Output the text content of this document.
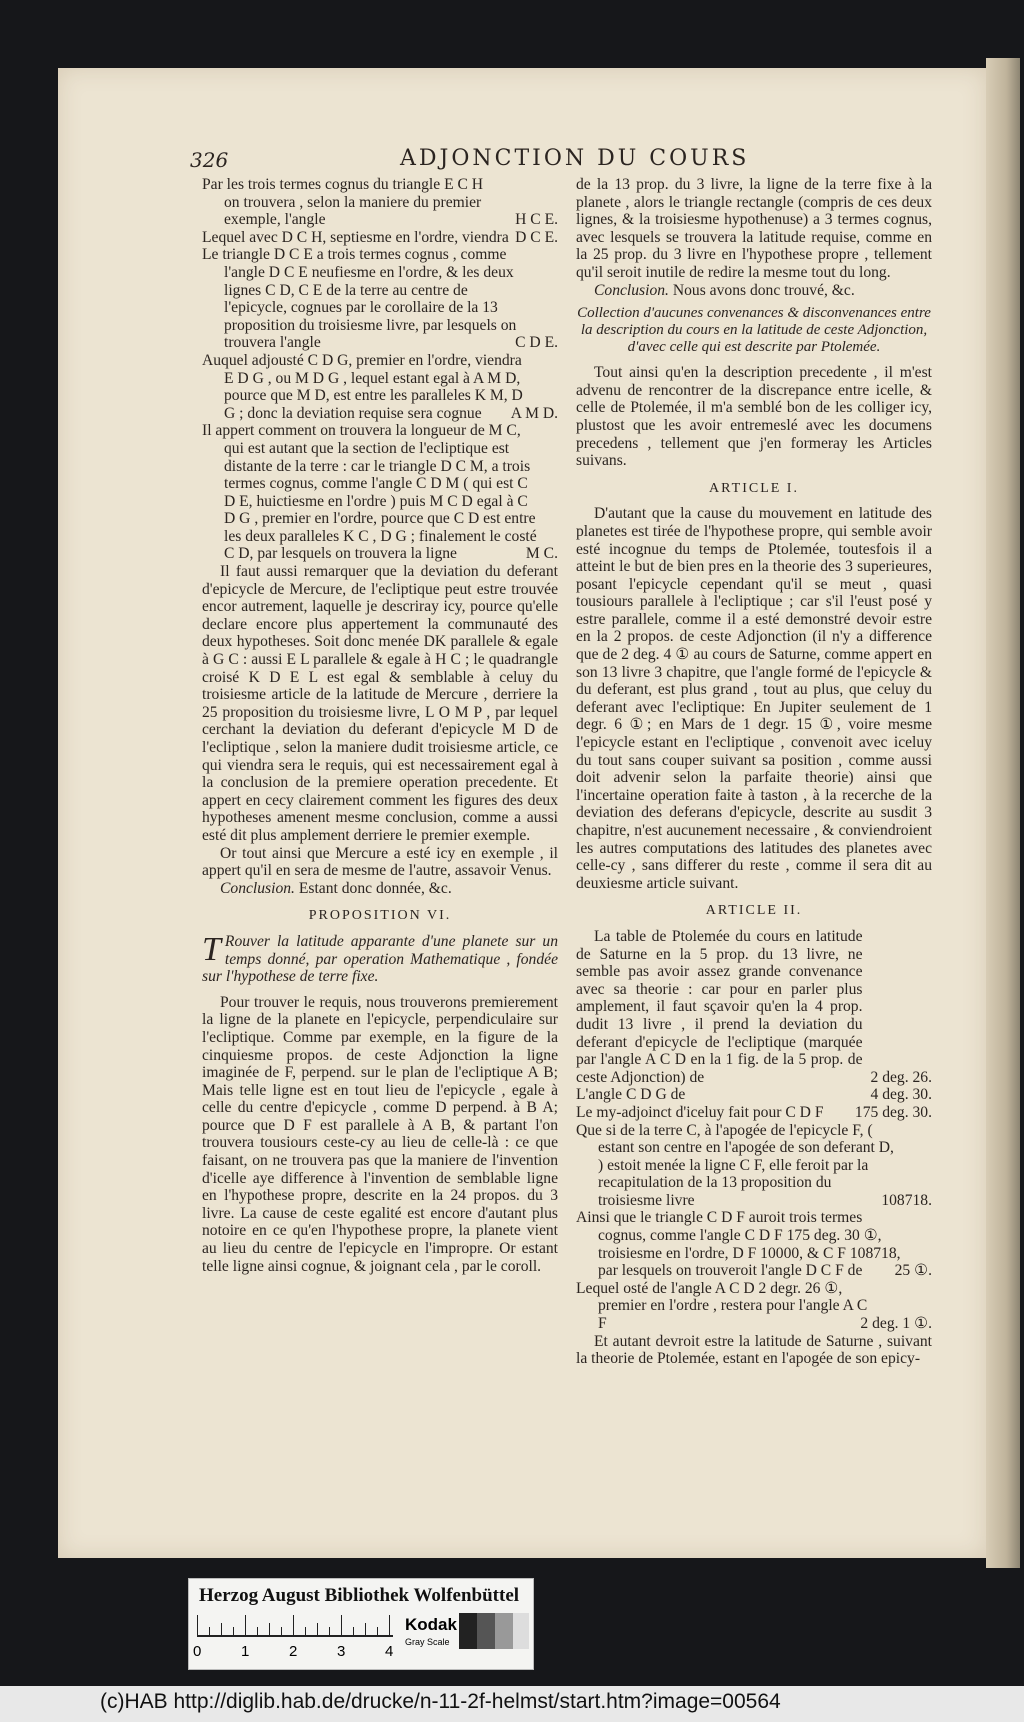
326	ADJONCTION DU COURS

Par les trois termes cognus du triangle E C H

on trouvera , selon la maniere du premier

exemple, l'angle	H C E.
Lequel avec D C H, septiesme en l'ordre, viendra D C E.
Le triangle D C E a trois termes cognus , comme l'angle D C E neufiesme en l'ordre, & les deux lignes C D, C E de la terre au centre de l'epicycle, cognues par le corollaire de la 13 proposition du troisiesme livre, par lesquels on trouvera l'angle	C D E.
Auquel adjousté C D G, premier en l'ordre, viendra E D G , ou M D G , lequel estant egal à A M D, pource que M D, est entre les paralleles K M, D G ; donc la deviation requise sera cognue	A M D.
Il appert comment on trouvera la longueur de M C, qui est autant que la section de l'ecliptique est distante de la terre : car le triangle D C M, a trois termes cognus, comme l'angle C D M ( qui est C D E, huictiesme en l'ordre ) puis M C D egal à C D G , premier en l'ordre, pource que C D est entre les deux paralleles K C , D G ; finalement le costé C D, par lesquels on trouvera la ligne	M C.

Il faut aussi remarquer que la deviation du deferant d'epicycle de Mercure, de l'ecliptique peut estre trouvée encor autrement, laquelle je descriray icy, pource qu'elle declare encore plus appertement la communauté des deux hypotheses. Soit donc menée DK parallele & egale à G C : aussi E L parallele & egale à H C ; le quadrangle croisé K D E L est egal & semblable à celuy du troisiesme article de la latitude de Mercure , derriere la 25 proposition du troisiesme livre, L O M P , par lequel cerchant la deviation du deferant d'epicycle M D de l'ecliptique , selon la maniere dudit troisiesme article, ce qui viendra sera le requis, qui est necessairement egal à la conclusion de la premiere operation precedente. Et appert en cecy clairement comment les figures des deux hypotheses amenent mesme conclusion, comme a aussi esté dit plus amplement derriere le premier exemple.

Or tout ainsi que Mercure a esté icy en exemple , il appert qu'il en sera de mesme de l'autre, assavoir Venus.

Conclusion. Estant donc donnée, &c.

PROPOSITION VI.

T Rouver la latitude apparante d'une planete sur un temps donné, par operation Mathematique , fondée sur l'hypothese de terre fixe.

Pour trouver le requis, nous trouverons premierement la ligne de la planete en l'epicycle, perpendiculaire sur l'ecliptique. Comme par exemple, en la figure de la cinquiesme propos. de ceste Adjonction la ligne imaginée de F, perpend. sur le plan de l'ecliptique A B; Mais telle ligne est en tout lieu de l'epicycle , egale à celle du centre d'epicycle , comme D perpend. à B A; pource que D F est parallele à A B, & partant l'on trouvera tousiours ceste-cy au lieu de celle-là : ce que faisant, on ne trouvera pas que la maniere de l'invention d'icelle aye difference à l'invention de semblable ligne en l'hypothese propre, descrite en la 24 propos. du 3 livre. La cause de ceste egalité est encore d'autant plus notoire en ce qu'en l'hypothese propre, la planete vient au lieu du centre de l'epicycle en l'impropre. Or estant telle ligne ainsi cognue, & joignant cela , par le coroll.

de la 13 prop. du 3 livre, la ligne de la terre fixe à la planete , alors le triangle rectangle (compris de ces deux lignes, & la troisiesme hypothenuse) a 3 termes cognus, avec lesquels se trouvera la latitude requise, comme en la 25 prop. du 3 livre en l'hypothese propre , tellement qu'il seroit inutile de redire la mesme tout du long.

Conclusion. Nous avons donc trouvé, &c.

Collection d'aucunes convenances & disconvenances entre la description du cours en la latitude de ceste Adjonction, d'avec celle qui est descrite par Ptolemée.

Tout ainsi qu'en la description precedente , il m'est advenu de rencontrer de la discrepance entre icelle, & celle de Ptolemée, il m'a semblé bon de les colliger icy, plustost que les avoir entremeslé avec les documens precedens , tellement que j'en formeray les Articles suivans.

ARTICLE I.

D'autant que la cause du mouvement en latitude des planetes est tirée de l'hypothese propre, qui semble avoir esté incognue du temps de Ptolemée, toutesfois il a atteint le but de bien pres en la theorie des 3 superieures, posant l'epicycle cependant qu'il se meut , quasi tousiours parallele à l'ecliptique ; car s'il l'eust posé y estre parallele, comme il a esté demonstré devoir estre en la 2 propos. de ceste Adjonction (il n'y a difference que de 2 deg. 4 ① au cours de Saturne, comme appert en son 13 livre 3 chapitre, que l'angle formé de l'epicycle & du deferant, est plus grand , tout au plus, que celuy du deferant avec l'ecliptique: En Jupiter seulement de 1 degr. 6 ①; en Mars de 1 degr. 15 ①, voire mesme l'epicycle estant en l'ecliptique , convenoit avec iceluy du tout sans couper suivant sa position , comme aussi doit advenir selon la parfaite theorie) ainsi que l'incertaine operation faite à taston , à la recerche de la deviation des deferans d'epicycle, descrite au susdit 3 chapitre, n'est aucunement necessaire , & conviendroient les autres computations des latitudes des planetes avec celle-cy , sans differer du reste , comme il sera dit au deuxiesme article suivant.

ARTICLE II.
La table de Ptolemée du cours en latitude de Saturne en la 5 prop. du 13 livre, ne semble pas avoir assez grande convenance avec sa theorie : car pour en parler plus amplement, il faut sçavoir qu'en la 4 prop. dudit 13 livre , il prend la deviation du deferant d'epicycle de l'ecliptique (marquée par l'angle A C D en la 1 fig. de la 5 prop. de ceste Adjonction) de	2 deg. 26.
L'angle C D G de	4 deg. 30.
Le my-adjoinct d'iceluy fait pour C D F	175 deg. 30.
Que si de la terre C, à l'apogée de l'epicycle F, ( estant son centre en l'apogée de son deferant D, ) estoit menée la ligne C F, elle feroit par la recapitulation de la 13 proposition du troisiesme livre	108718.
Ainsi que le triangle C D F auroit trois termes cognus, comme l'angle C D F 175 deg. 30 ①, troisiesme en l'ordre, D F 10000, & C F 108718, par lesquels on trouveroit l'angle D C F de	25 ①.
Lequel osté de l'angle A C D 2 degr. 26 ①, premier en l'ordre , restera pour l'angle A C F	2 deg. 1 ①.

Et autant devroit estre la latitude de Saturne , suivant la theorie de Ptolemée, estant en l'apogée de son epicy-

Herzog August Bibliothek Wolfenbüttel
0	1	2	3	4
Kodak
Gray Scale
(c)HAB http://diglib.hab.de/drucke/n-11-2f-helmst/start.htm?image=00564
